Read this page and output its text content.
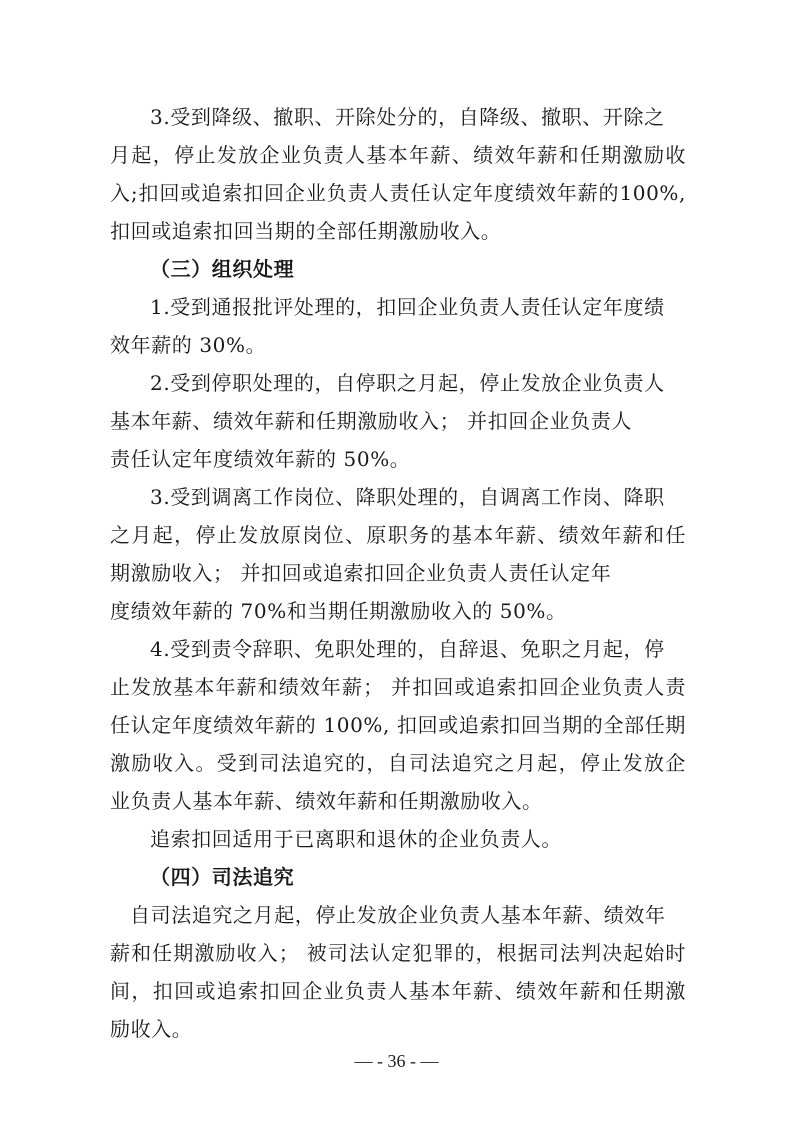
3.受到降级、撤职、开除处分的，自降级、撤职、开除之
月起，停止发放企业负责人基本年薪、绩效年薪和任期激励收
入;扣回或追索扣回企业负责人责任认定年度绩效年薪的100%,
扣回或追索扣回当期的全部任期激励收入。
（三）组织处理
1.受到通报批评处理的，扣回企业负责人责任认定年度绩
效年薪的 30%。
2.受到停职处理的，自停职之月起，停止发放企业负责人
基本年薪、绩效年薪和任期激励收入； 并扣回企业负责人
责任认定年度绩效年薪的 50%。
3.受到调离工作岗位、降职处理的，自调离工作岗、降职
之月起，停止发放原岗位、原职务的基本年薪、绩效年薪和任
期激励收入； 并扣回或追索扣回企业负责人责任认定年
度绩效年薪的 70%和当期任期激励收入的 50%。
4.受到责令辞职、免职处理的，自辞退、免职之月起，停
止发放基本年薪和绩效年薪； 并扣回或追索扣回企业负责人责
任认定年度绩效年薪的 100%, 扣回或追索扣回当期的全部任期
激励收入。受到司法追究的，自司法追究之月起，停止发放企
业负责人基本年薪、绩效年薪和任期激励收入。
追索扣回适用于已离职和退休的企业负责人。
（四）司法追究
自司法追究之月起，停止发放企业负责人基本年薪、绩效年
薪和任期激励收入； 被司法认定犯罪的，根据司法判决起始时
间，扣回或追索扣回企业负责人基本年薪、绩效年薪和任期激
励收入。
— - 36 - —
